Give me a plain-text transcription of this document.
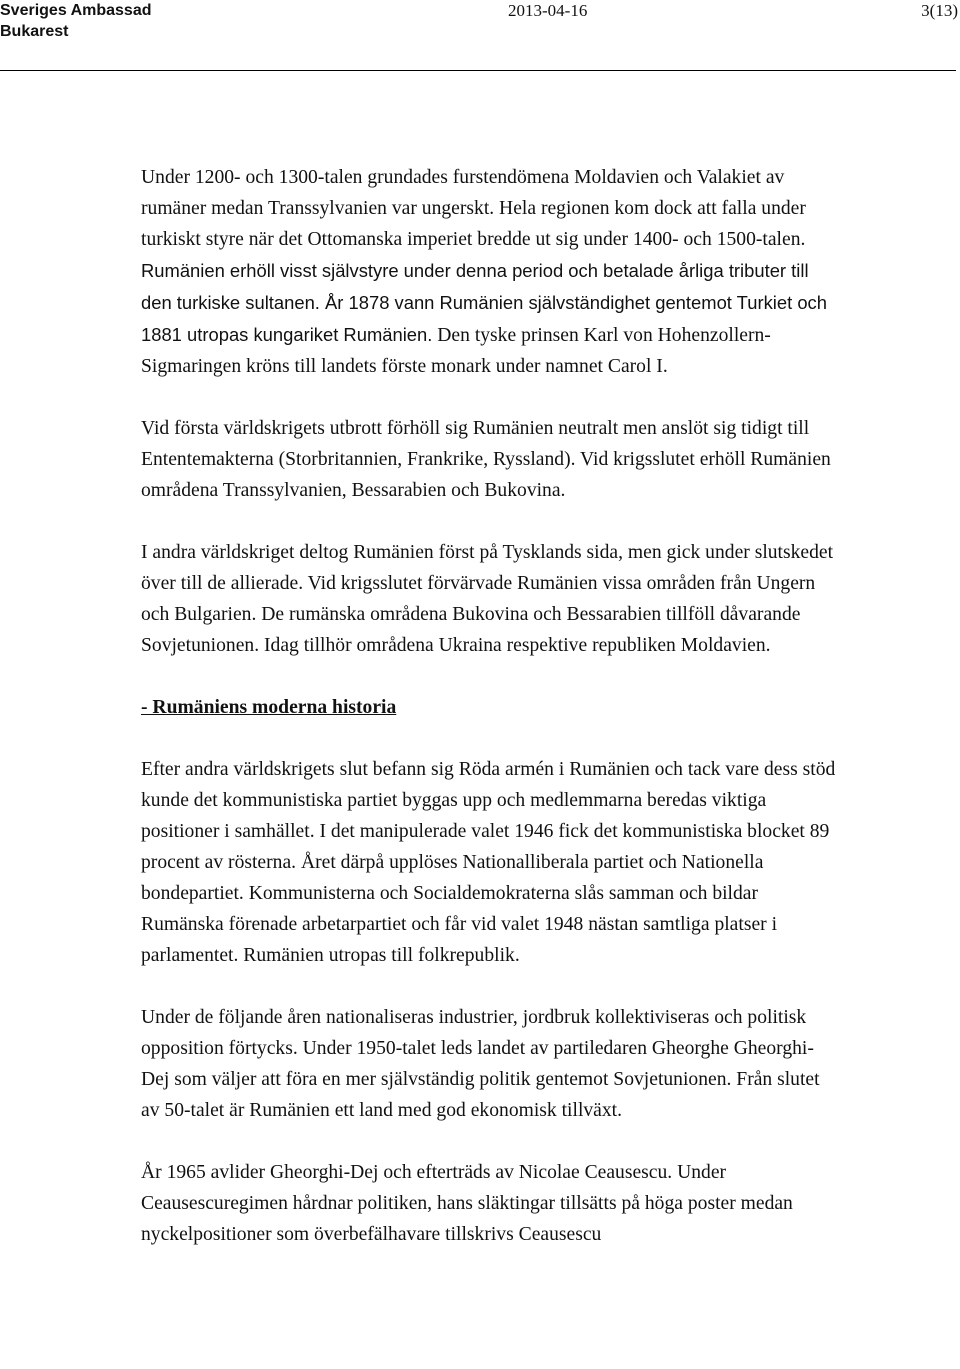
Sveriges Ambassad
Bukarest
2013-04-16	3(13)

Under 1200- och 1300-talen grundades furstendömena Moldavien och Valakiet av rumäner medan Transsylvanien var ungerskt. Hela regionen kom dock att falla under turkiskt styre när det Ottomanska imperiet bredde ut sig under 1400- och 1500-talen. Rumänien erhöll visst självstyre under denna period och betalade årliga tributer till den turkiske sultanen. År 1878 vann Rumänien självständighet gentemot Turkiet och 1881 utropas kungariket Rumänien. Den tyske prinsen Karl von Hohenzollern-Sigmaringen kröns till landets förste monark under namnet Carol I.

Vid första världskrigets utbrott förhöll sig Rumänien neutralt men anslöt sig tidigt till Ententemakterna (Storbritannien, Frankrike, Ryssland). Vid krigsslutet erhöll Rumänien områdena Transsylvanien, Bessarabien och Bukovina.

I andra världskriget deltog Rumänien först på Tysklands sida, men gick under slutskedet över till de allierade. Vid krigsslutet förvärvade Rumänien vissa områden från Ungern och Bulgarien. De rumänska områdena Bukovina och Bessarabien tillföll dåvarande Sovjetunionen. Idag tillhör områdena Ukraina respektive republiken Moldavien.

- Rumäniens moderna historia

Efter andra världskrigets slut befann sig Röda armén i Rumänien och tack vare dess stöd kunde det kommunistiska partiet byggas upp och medlemmarna beredas viktiga positioner i samhället. I det manipulerade valet 1946 fick det kommunistiska blocket 89 procent av rösterna. Året därpå upplöses Nationalliberala partiet och Nationella bondepartiet. Kommunisterna och Socialdemokraterna slås samman och bildar Rumänska förenade arbetarpartiet och får vid valet 1948 nästan samtliga platser i parlamentet. Rumänien utropas till folkrepublik.

Under de följande åren nationaliseras industrier, jordbruk kollektiviseras och politisk opposition förtycks. Under 1950-talet leds landet av partiledaren Gheorghe Gheorghi-Dej som väljer att föra en mer självständig politik gentemot Sovjetunionen. Från slutet av 50-talet är Rumänien ett land med god ekonomisk tillväxt.

År 1965 avlider Gheorghi-Dej och efterträds av Nicolae Ceausescu. Under Ceausescuregimen hårdnar politiken, hans släktingar tillsätts på höga poster medan nyckelpositioner som överbefälhavare tillskrivs Ceausescu
